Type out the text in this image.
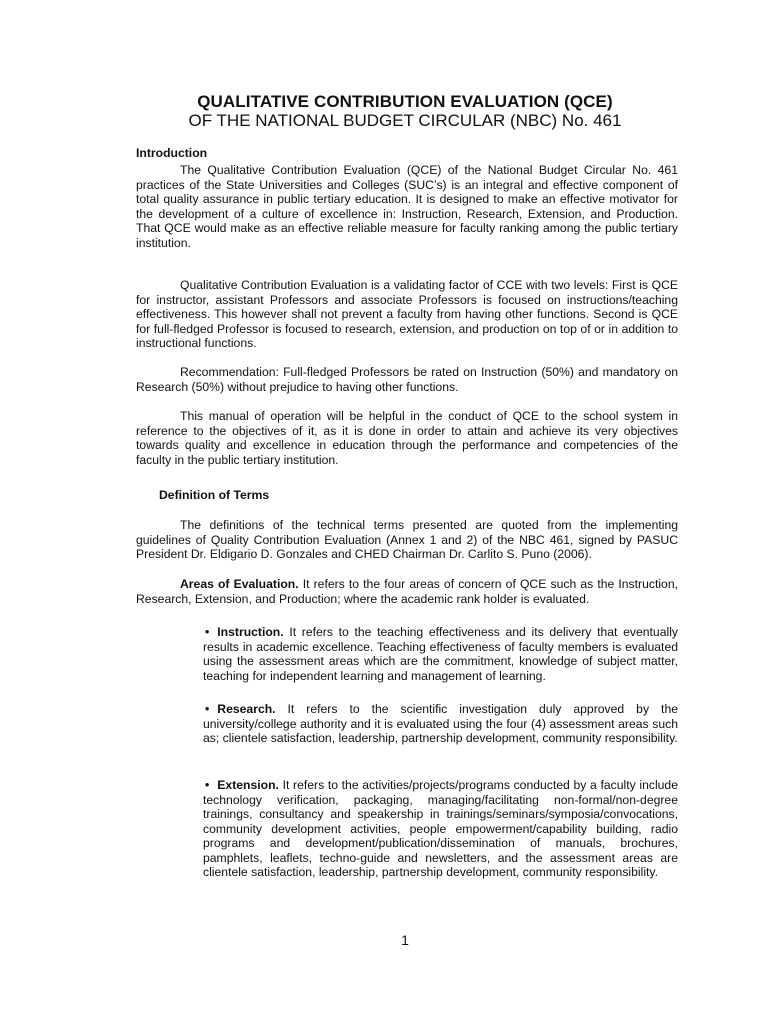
QUALITATIVE CONTRIBUTION EVALUATION (QCE)
OF THE NATIONAL BUDGET CIRCULAR (NBC) No. 461
Introduction

The Qualitative Contribution Evaluation (QCE) of the National Budget Circular No. 461 practices of the State Universities and Colleges (SUC’s) is an integral and effective component of total quality assurance in public tertiary education. It is designed to make an effective motivator for the development of a culture of excellence in: Instruction, Research, Extension, and Production. That QCE would make as an effective reliable measure for faculty ranking among the public tertiary institution.

Qualitative Contribution Evaluation is a validating factor of CCE with two levels: First is QCE for instructor, assistant Professors and associate Professors is focused on instructions/teaching effectiveness. This however shall not prevent a faculty from having other functions. Second is QCE for full-fledged Professor is focused to research, extension, and production on top of or in addition to instructional functions.

Recommendation: Full-fledged Professors be rated on Instruction (50%) and mandatory on Research (50%) without prejudice to having other functions.

This manual of operation will be helpful in the conduct of QCE to the school system in reference to the objectives of it, as it is done in order to attain and achieve its very objectives towards quality and excellence in education through the performance and competencies of the faculty in the public tertiary institution.

Definition of Terms

The definitions of the technical terms presented are quoted from the implementing guidelines of Quality Contribution Evaluation (Annex 1 and 2) of the NBC 461, signed by PASUC President Dr. Eldigario D. Gonzales and CHED Chairman Dr. Carlito S. Puno (2006).

Areas of Evaluation. It refers to the four areas of concern of QCE such as the Instruction, Research, Extension, and Production; where the academic rank holder is evaluated.

• Instruction. It refers to the teaching effectiveness and its delivery that eventually results in academic excellence. Teaching effectiveness of faculty members is evaluated using the assessment areas which are the commitment, knowledge of subject matter, teaching for independent learning and management of learning.

• Research. It refers to the scientific investigation duly approved by the university/college authority and it is evaluated using the four (4) assessment areas such as; clientele satisfaction, leadership, partnership development, community responsibility.

• Extension. It refers to the activities/projects/programs conducted by a faculty include technology verification, packaging, managing/facilitating non-formal/non-degree trainings, consultancy and speakership in trainings/seminars/symposia/convocations, community development activities, people empowerment/capability building, radio programs and development/publication/dissemination of manuals, brochures, pamphlets, leaflets, techno-guide and newsletters, and the assessment areas are clientele satisfaction, leadership, partnership development, community responsibility.

1
